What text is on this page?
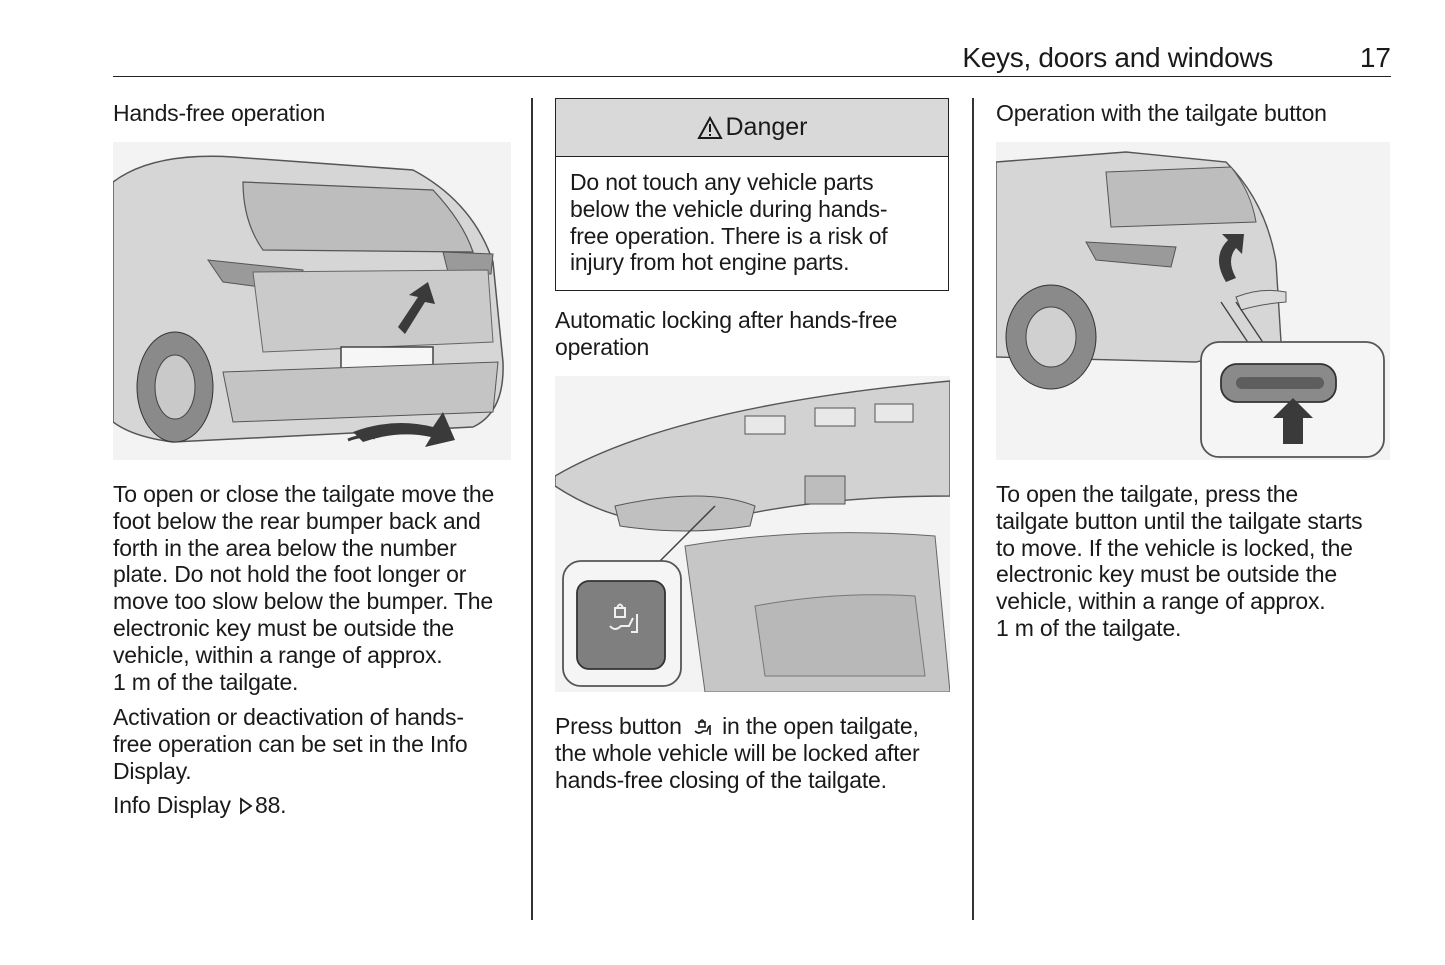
Keys, doors and windows	17
Hands-free operation
To open or close the tailgate move the
foot below the rear bumper back and
forth in the area below the number
plate. Do not hold the foot longer or
move too slow below the bumper. The
electronic key must be outside the
vehicle, within a range of approx.
1 m of the tailgate.
Activation or deactivation of hands-
free operation can be set in the Info
Display.
Info Display 88.
Danger
Do not touch any vehicle parts
below the vehicle during hands-
free operation. There is a risk of
injury from hot engine parts.
Automatic locking after hands-free
operation
Press button in the open tailgate,
the whole vehicle will be locked after
hands-free closing of the tailgate.
Operation with the tailgate button
To open the tailgate, press the
tailgate button until the tailgate starts
to move. If the vehicle is locked, the
electronic key must be outside the
vehicle, within a range of approx.
1 m of the tailgate.
